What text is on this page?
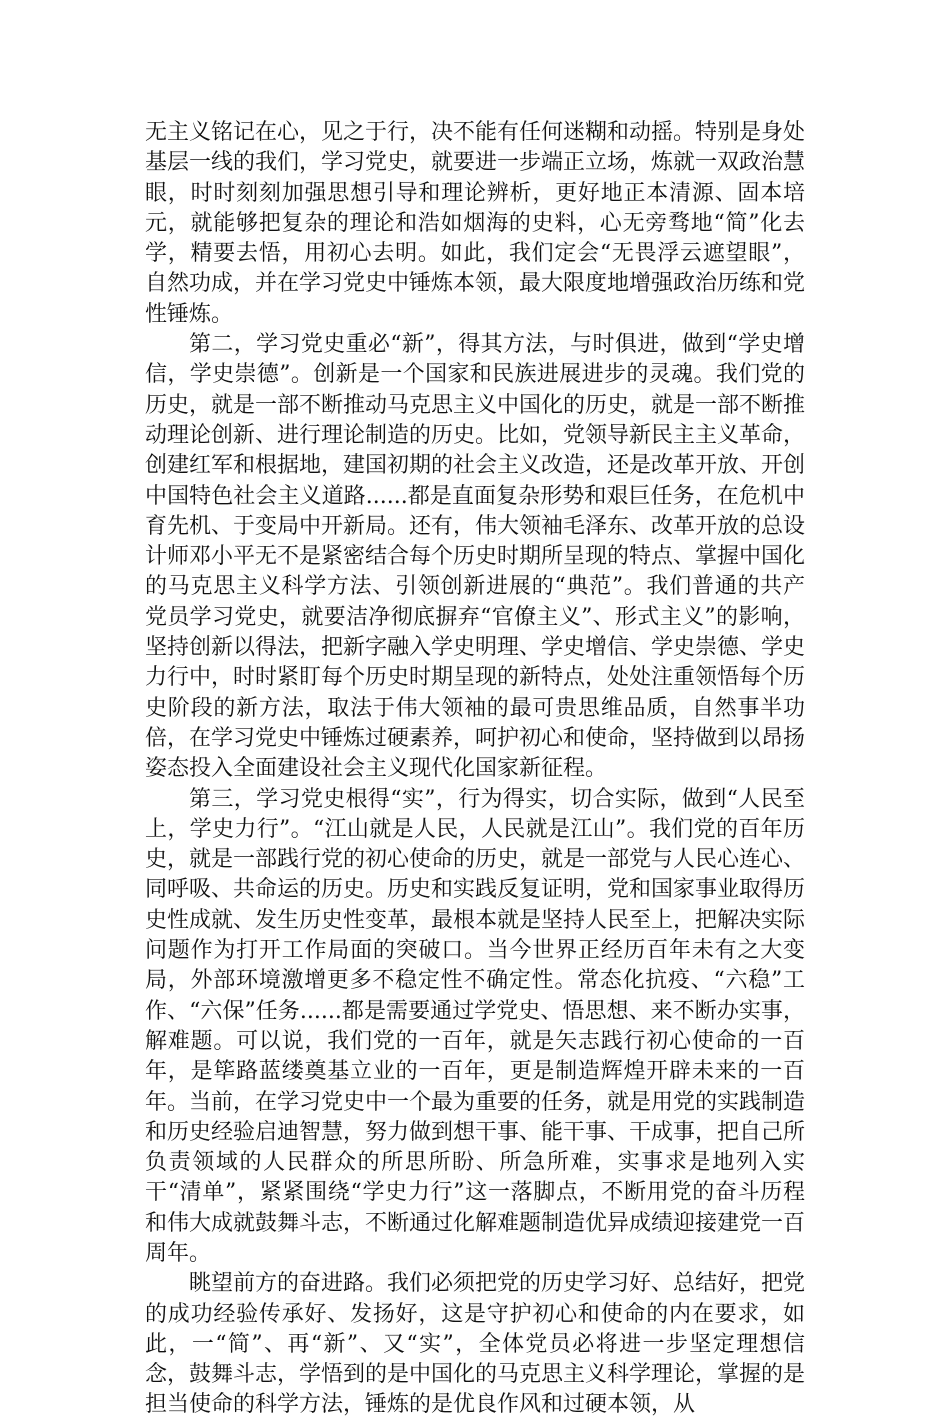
无主义铭记在心，见之于行，决不能有任何迷糊和动摇。特别是身处基层一线的我们，学习党史，就要进一步端正立场，炼就一双政治慧眼，时时刻刻加强思想引导和理论辨析，更好地正本清源、固本培元，就能够把复杂的理论和浩如烟海的史料，心无旁骛地“简”化去学，精要去悟，用初心去明。如此，我们定会“无畏浮云遮望眼”，自然功成，并在学习党史中锤炼本领，最大限度地增强政治历练和党性锤炼。

第二，学习党史重必“新”，得其方法，与时俱进，做到“学史增信，学史崇德”。创新是一个国家和民族进展进步的灵魂。我们党的历史，就是一部不断推动马克思主义中国化的历史，就是一部不断推动理论创新、进行理论制造的历史。比如，党领导新民主主义革命，创建红军和根据地，建国初期的社会主义改造，还是改革开放、开创中国特色社会主义道路......都是直面复杂形势和艰巨任务，在危机中育先机、于变局中开新局。还有，伟大领袖毛泽东、改革开放的总设计师邓小平无不是紧密结合每个历史时期所呈现的特点、掌握中国化的马克思主义科学方法、引领创新进展的“典范”。我们普通的共产党员学习党史，就要洁净彻底摒弃“官僚主义”、形式主义”的影响，坚持创新以得法，把新字融入学史明理、学史增信、学史崇德、学史力行中，时时紧盯每个历史时期呈现的新特点，处处注重领悟每个历史阶段的新方法，取法于伟大领袖的最可贵思维品质，自然事半功倍，在学习党史中锤炼过硬素养，呵护初心和使命，坚持做到以昂扬姿态投入全面建设社会主义现代化国家新征程。

第三，学习党史根得“实”，行为得实，切合实际，做到“人民至上，学史力行”。“江山就是人民，人民就是江山”。我们党的百年历史，就是一部践行党的初心使命的历史，就是一部党与人民心连心、同呼吸、共命运的历史。历史和实践反复证明，党和国家事业取得历史性成就、发生历史性变革，最根本就是坚持人民至上，把解决实际问题作为打开工作局面的突破口。当今世界正经历百年未有之大变局，外部环境激增更多不稳定性不确定性。常态化抗疫、“六稳”工作、“六保”任务......都是需要通过学党史、悟思想、来不断办实事，解难题。可以说，我们党的一百年，就是矢志践行初心使命的一百年，是筚路蓝缕奠基立业的一百年，更是制造辉煌开辟未来的一百年。当前，在学习党史中一个最为重要的任务，就是用党的实践制造和历史经验启迪智慧，努力做到想干事、能干事、干成事，把自己所负责领域的人民群众的所思所盼、所急所难，实事求是地列入实干“清单”，紧紧围绕“学史力行”这一落脚点，不断用党的奋斗历程和伟大成就鼓舞斗志，不断通过化解难题制造优异成绩迎接建党一百周年。

眺望前方的奋进路。我们必须把党的历史学习好、总结好，把党的成功经验传承好、发扬好，这是守护初心和使命的内在要求，如此，一“简”、再“新”、又“实”，全体党员必将进一步坚定理想信念，鼓舞斗志，学悟到的是中国化的马克思主义科学理论，掌握的是担当使命的科学方法，锤炼的是优良作风和过硬本领，从
